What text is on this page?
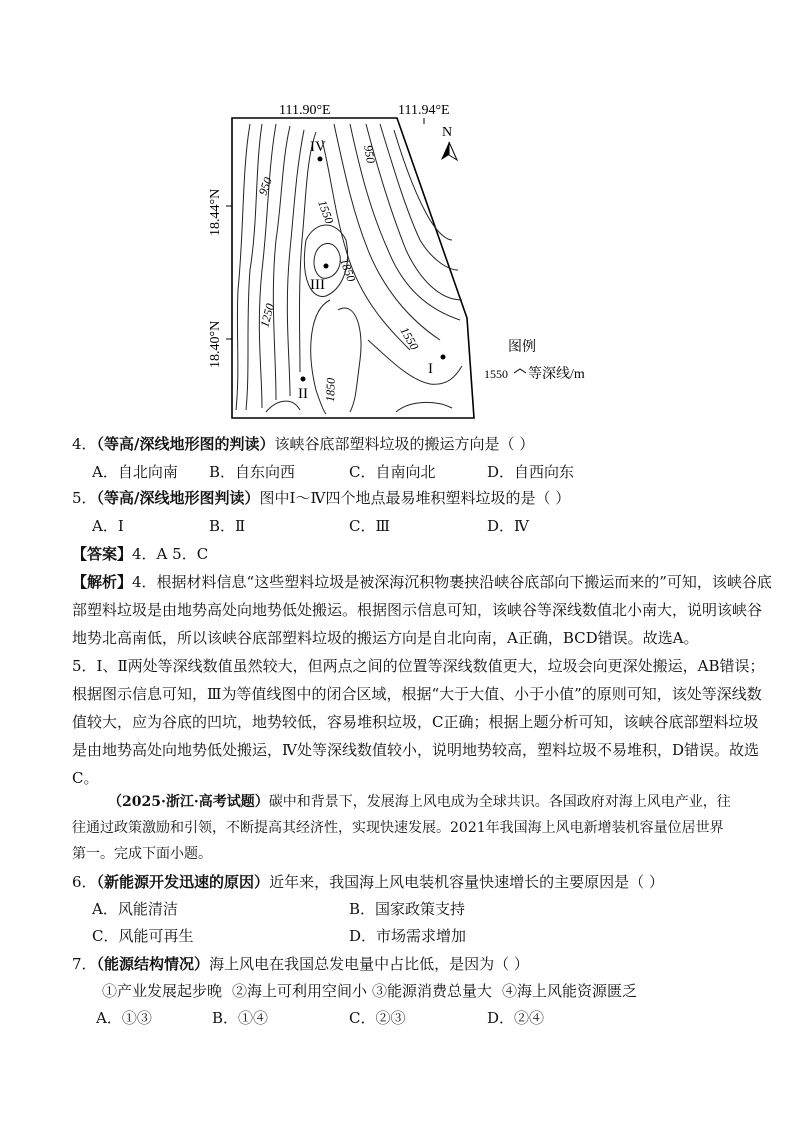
111.90°E	111.94°E
18.44°N
18.40°N
950
950
1550
1850
1250
1550
1850
IV
III
II
I
N
图例
1550 等深线/m
4．（等高/深线地形图的判读）该峡谷底部塑料垃圾的搬运方向是（ ）
A．自北向南 B．自东向西	C．自南向北	D．自西向东
5．（等高/深线地形图判读）图中Ⅰ～Ⅳ四个地点最易堆积塑料垃圾的是（ ）
A．Ⅰ	B．Ⅱ	C．Ⅲ	D．Ⅳ
【答案】4．A 5．C
【解析】4．根据材料信息“这些塑料垃圾是被深海沉积物裹挟沿峡谷底部向下搬运而来的”可知，该峡谷底
部塑料垃圾是由地势高处向地势低处搬运。根据图示信息可知，该峡谷等深线数值北小南大，说明该峡谷
地势北高南低，所以该峡谷底部塑料垃圾的搬运方向是自北向南，A正确，BCD错误。故选A。
5．Ⅰ、Ⅱ两处等深线数值虽然较大，但两点之间的位置等深线数值更大，垃圾会向更深处搬运，AB错误；
根据图示信息可知，Ⅲ为等值线图中的闭合区域，根据“大于大值、小于小值”的原则可知，该处等深线数
值较大，应为谷底的凹坑，地势较低，容易堆积垃圾，C正确；根据上题分析可知，该峡谷底部塑料垃圾
是由地势高处向地势低处搬运，Ⅳ处等深线数值较小，说明地势较高，塑料垃圾不易堆积，D错误。故选
C。
（2025·浙江·高考试题）碳中和背景下，发展海上风电成为全球共识。各国政府对海上风电产业，往
往通过政策激励和引领，不断提高其经济性，实现快速发展。2021年我国海上风电新增装机容量位居世界
第一。完成下面小题。
6．（新能源开发迅速的原因）近年来，我国海上风电装机容量快速增长的主要原因是（ ）
A．风能清洁	B．国家政策支持
C．风能可再生	D．市场需求增加
7．（能源结构情况）海上风电在我国总发电量中占比低，是因为（ ）
①产业发展起步晚 ②海上可利用空间小 ③能源消费总量大 ④海上风能资源匮乏
A．①③	B．①④	C．②③	D．②④
